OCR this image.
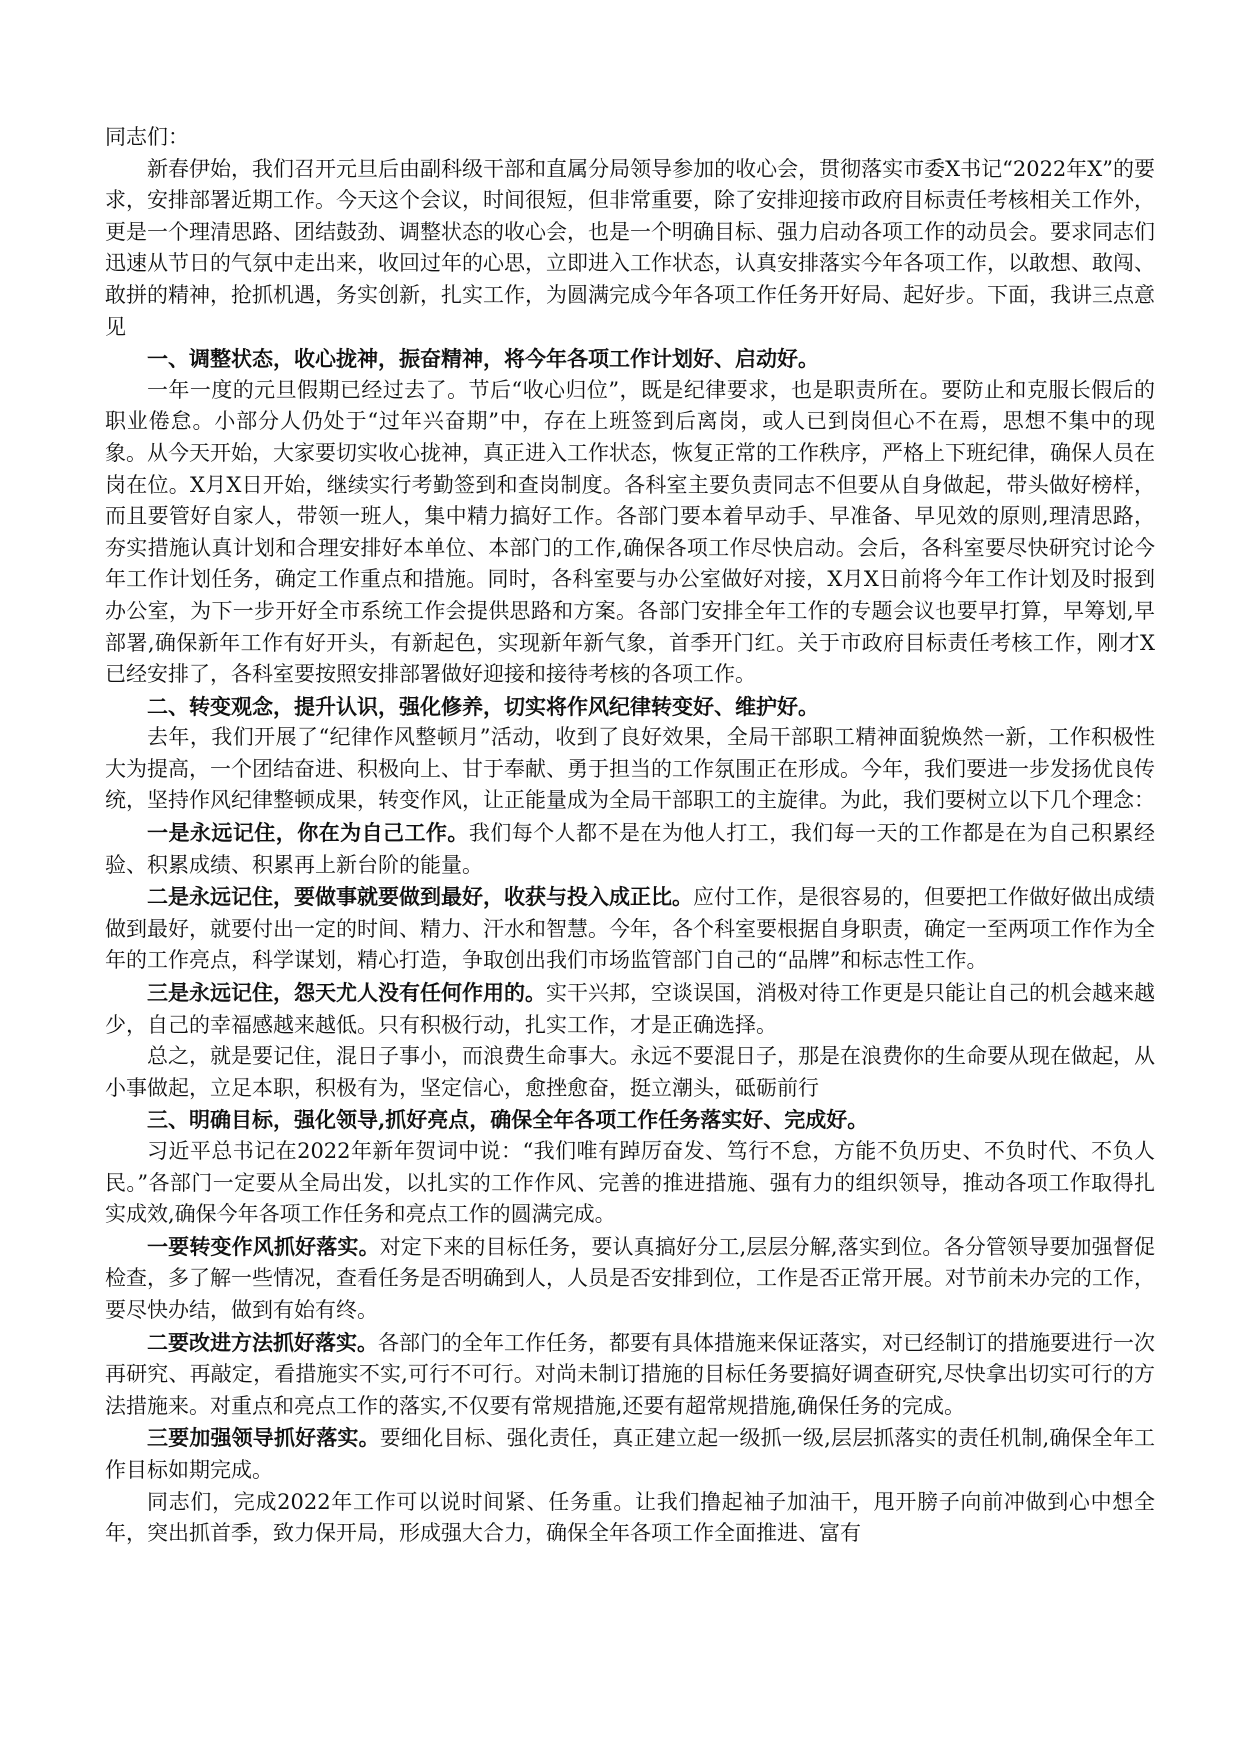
同志们：

新春伊始，我们召开元旦后由副科级干部和直属分局领导参加的收心会，贯彻落实市委X书记“2022年X”的要求，安排部署近期工作。今天这个会议，时间很短，但非常重要，除了安排迎接市政府目标责任考核相关工作外，更是一个理清思路、团结鼓劲、调整状态的收心会，也是一个明确目标、强力启动各项工作的动员会。要求同志们迅速从节日的气氛中走出来，收回过年的心思，立即进入工作状态，认真安排落实今年各项工作，以敢想、敢闯、敢拼的精神，抢抓机遇，务实创新，扎实工作，为圆满完成今年各项工作任务开好局、起好步。下面，我讲三点意见

一、调整状态，收心拢神，振奋精神，将今年各项工作计划好、启动好。

一年一度的元旦假期已经过去了。节后“收心归位”，既是纪律要求，也是职责所在。要防止和克服长假后的职业倦怠。小部分人仍处于“过年兴奋期”中，存在上班签到后离岗，或人已到岗但心不在焉，思想不集中的现象。从今天开始，大家要切实收心拢神，真正进入工作状态，恢复正常的工作秩序，严格上下班纪律，确保人员在岗在位。X月X日开始，继续实行考勤签到和查岗制度。各科室主要负责同志不但要从自身做起，带头做好榜样，而且要管好自家人，带领一班人，集中精力搞好工作。各部门要本着早动手、早准备、早见效的原则,理清思路，夯实措施认真计划和合理安排好本单位、本部门的工作,确保各项工作尽快启动。会后，各科室要尽快研究讨论今年工作计划任务，确定工作重点和措施。同时，各科室要与办公室做好对接，X月X日前将今年工作计划及时报到办公室，为下一步开好全市系统工作会提供思路和方案。各部门安排全年工作的专题会议也要早打算，早筹划,早部署,确保新年工作有好开头，有新起色，实现新年新气象，首季开门红。关于市政府目标责任考核工作，刚才X已经安排了，各科室要按照安排部署做好迎接和接待考核的各项工作。

二、转变观念，提升认识，强化修养，切实将作风纪律转变好、维护好。

去年，我们开展了“纪律作风整顿月”活动，收到了良好效果，全局干部职工精神面貌焕然一新，工作积极性大为提高，一个团结奋进、积极向上、甘于奉献、勇于担当的工作氛围正在形成。今年，我们要进一步发扬优良传统，坚持作风纪律整顿成果，转变作风，让正能量成为全局干部职工的主旋律。为此，我们要树立以下几个理念：

一是永远记住，你在为自己工作。我们每个人都不是在为他人打工，我们每一天的工作都是在为自己积累经验、积累成绩、积累再上新台阶的能量。

二是永远记住，要做事就要做到最好，收获与投入成正比。应付工作，是很容易的，但要把工作做好做出成绩做到最好，就要付出一定的时间、精力、汗水和智慧。今年，各个科室要根据自身职责，确定一至两项工作作为全年的工作亮点，科学谋划，精心打造，争取创出我们市场监管部门自己的“品牌”和标志性工作。

三是永远记住，怨天尤人没有任何作用的。实干兴邦，空谈误国，消极对待工作更是只能让自己的机会越来越少，自己的幸福感越来越低。只有积极行动，扎实工作，才是正确选择。

总之，就是要记住，混日子事小，而浪费生命事大。永远不要混日子，那是在浪费你的生命要从现在做起，从小事做起，立足本职，积极有为，坚定信心，愈挫愈奋，挺立潮头，砥砺前行

三、明确目标，强化领导,抓好亮点，确保全年各项工作任务落实好、完成好。

习近平总书记在2022年新年贺词中说：“我们唯有踔厉奋发、笃行不怠，方能不负历史、不负时代、不负人民。”各部门一定要从全局出发，以扎实的工作作风、完善的推进措施、强有力的组织领导，推动各项工作取得扎实成效,确保今年各项工作任务和亮点工作的圆满完成。

一要转变作风抓好落实。对定下来的目标任务，要认真搞好分工,层层分解,落实到位。各分管领导要加强督促检查，多了解一些情况，查看任务是否明确到人，人员是否安排到位，工作是否正常开展。对节前未办完的工作，要尽快办结，做到有始有终。

二要改进方法抓好落实。各部门的全年工作任务，都要有具体措施来保证落实，对已经制订的措施要进行一次再研究、再敲定，看措施实不实,可行不可行。对尚未制订措施的目标任务要搞好调查研究,尽快拿出切实可行的方法措施来。对重点和亮点工作的落实,不仅要有常规措施,还要有超常规措施,确保任务的完成。

三要加强领导抓好落实。要细化目标、强化责任，真正建立起一级抓一级,层层抓落实的责任机制,确保全年工作目标如期完成。

同志们，完成2022年工作可以说时间紧、任务重。让我们撸起袖子加油干，甩开膀子向前冲做到心中想全年，突出抓首季，致力保开局，形成强大合力，确保全年各项工作全面推进、富有
